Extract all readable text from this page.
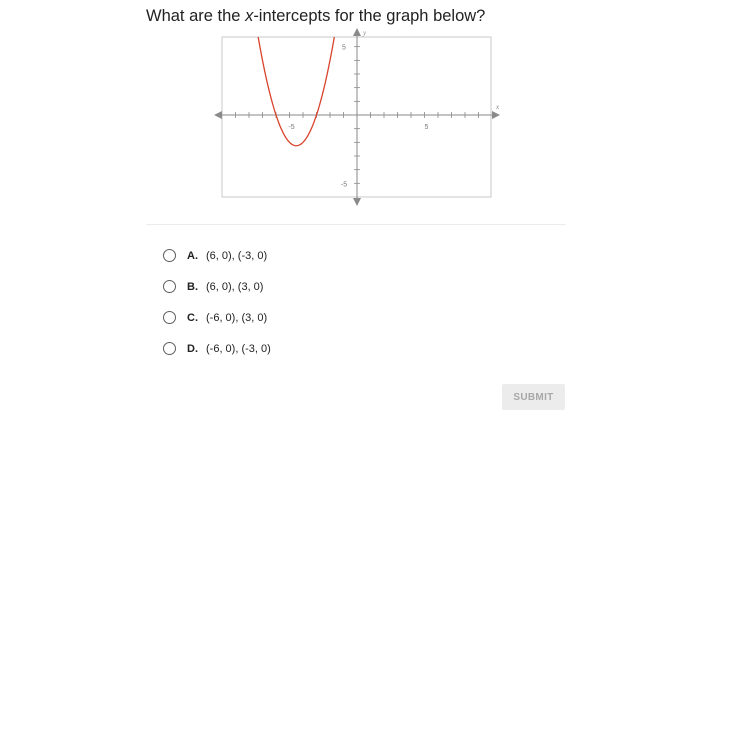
What are the x-intercepts for the graph below?
-5	5
5
-5
x
y
A. (6, 0), (-3, 0)
B. (6, 0), (3, 0)
C. (-6, 0), (3, 0)
D. (-6, 0), (-3, 0)
SUBMIT
